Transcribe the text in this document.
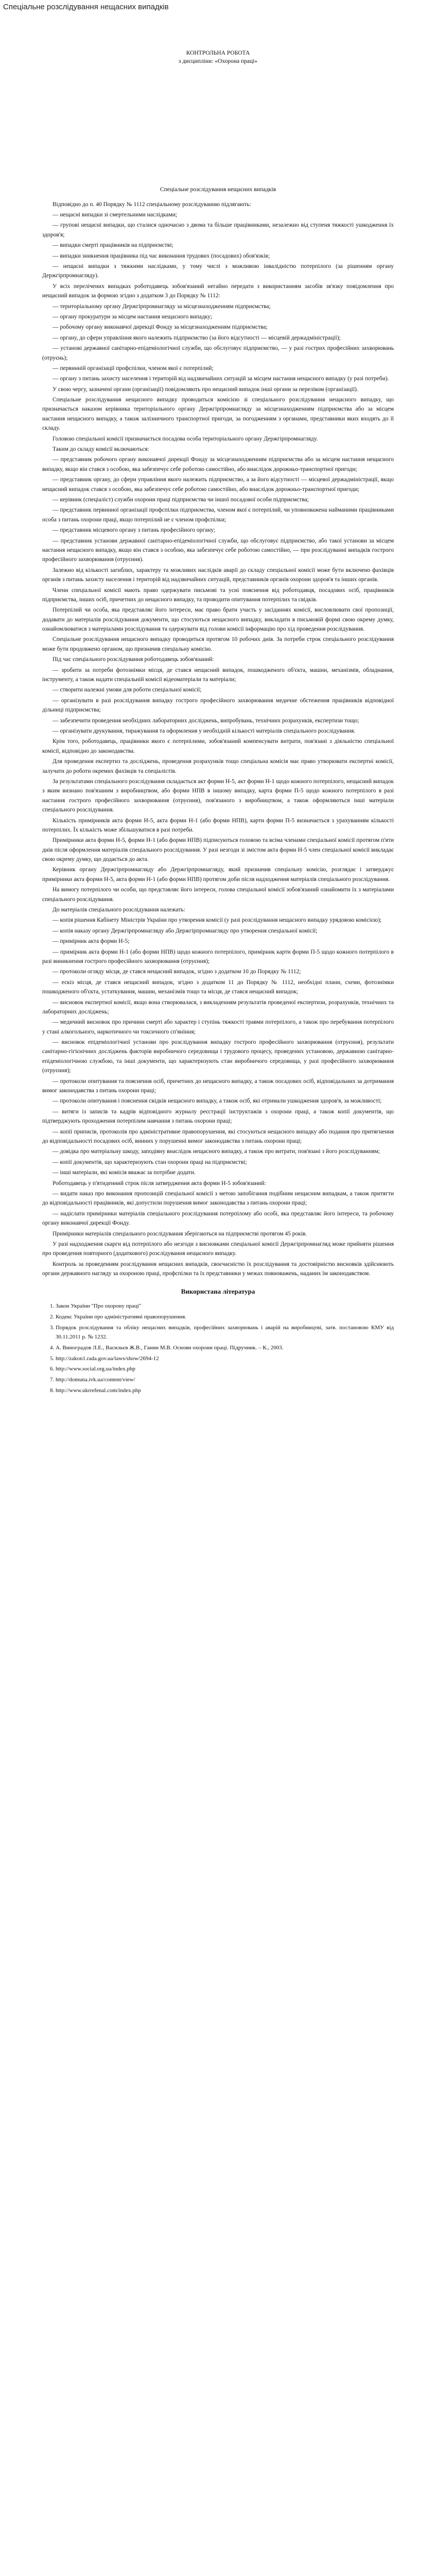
Спеціальне розслідування нещасних випадків
КОНТРОЛЬНА РОБОТА
з дисципліни: «Охорона праці»
Спеціальне розслідування нещасних випадків

Відповідно до п. 40 Порядку № 1112 спеціальному розслідуванню підлягають:

— нещасні випадки зі смертельними наслідками;

— групові нещасні випадки, що сталися одночасно з двома та більше працівниками, незалежно від ступеня тяжкості ушкодження їх здоров'я;

— випадки смерті працівників на підприємстві;

— випадки зникнення працівника під час виконання трудових (посадових) обов'язків;

— нещасні випадки з тяжкими наслідками, у тому числі з можливою інвалідністю потерпілого (за рішенням органу Держгірпромнагляду).

У всіх перелічених випадках роботодавець зобов'язаний негайно передати з використанням засобів зв'язку повідомлення про нещасний випадок за формою згідно з додатком 3 до Порядку № 1112:

— територіальному органу Держгірпромнагляду за місцезнаходженням підприємства;

— органу прокуратури за місцем настання нещасного випадку;

— робочому органу виконавчої дирекції Фонду за місцезнаходженням підприємства;

— органу, до сфери управління якого належить підприємство (за його відсутності — місцевій держадміністрації);

— установі державної санітарно-епідеміологічної служби, що обслуговує підприємство, — у разі гострих професійних захворювань (отруєнь);

— первинній організації профспілки, членом якої є потерпілий;

— органу з питань захисту населення і територій від надзвичайних ситуацій за місцем настання нещасного випадку (у разі потреби).

У свою чергу, зазначені органи (організації) повідомляють про нещасний випадок інші органи за переліком (організації).

Спеціальне розслідування нещасного випадку проводиться комісією зі спеціального розслідування нещасного випадку, що призначається наказом керівника територіального органу Держгірпромнагляду за місцезнаходженням підприємства або за місцем настання нещасного випадку, а також залізничного транспортної пригоди, за погодженням з органами, представники яких входять до її складу.

Головою спеціальної комісії призначається посадова особа територіального органу Держгірпромнагляду.

Таким до складу комісії включаються:

— представник робочого органу виконавчої дирекції Фонду за місцезнаходженням підприємства або за місцем настання нещасного випадку, якщо він стався з особою, яка забезпечує себе роботою самостійно, або внаслідок дорожньо-транспортної пригоди;

— представник органу, до сфери управління якого належить підприємство, а за його відсутності — місцевої держадміністрації, якщо нещасний випадок стався з особою, яка забезпечує себе роботою самостійно, або внаслідок дорожньо-транспортної пригоди;

— керівник (спеціаліст) служби охорони праці підприємства чи іншої посадової особи підприємства;

— представник первинної організації профспілки підприємства, членом якої є потерпілий, чи уповноважена найманими працівниками особа з питань охорони праці, якщо потерпілий не є членом профспілки;

— представник місцевого органу з питань професійного органу;

— представник установи державної санітарно-епідеміологічної служби, що обслуговує підприємство, або такої установи за місцем настання нещасного випадку, якщо він стався з особою, яка забезпечує себе роботою самостійно, — при розслідуванні випадків гострого професійного захворювання (отруєння).

Залежно від кількості загиблих, характеру та можливих наслідків аварії до складу спеціальної комісії може бути включено фахівців органів з питань захисту населення і територій від надзвичайних ситуацій, представників органів охорони здоров'я та інших органів.

Члени спеціальної комісії мають право одержувати письмові та усні пояснення від роботодавця, посадових осіб, працівників підприємства, інших осіб, причетних до нещасного випадку, та проводити опитування потерпілих та свідків.

Потерпілий чи особа, яка представляє його інтереси, має право брати участь у засіданнях комісії, висловлювати свої пропозиції, додавати до матеріалів розслідування документи, що стосуються нещасного випадку, викладати в письмовій формі свою окрему думку, ознайомлюватися з матеріалами розслідування та одержувати від голови комісії інформацію про хід проведення розслідування.

Спеціальне розслідування нещасного випадку проводиться протягом 10 робочих днів. За потреби строк спеціального розслідування може бути продовжено органом, що призначив спеціальну комісію.

Під час спеціального розслідування роботодавець зобов'язаний:

— зробити за потреби фотознімки місця, де стався нещасний випадок, пошкодженого об'єкта, машин, механізмів, обладнання, інструменту, а також надати спеціальній комісії відеоматеріали та матеріали;

— створити належні умови для роботи спеціальної комісії;

— організувати в разі розслідування випадку гострого професійного захворювання медичне обстеження працівників відповідної дільниці підприємства;

— забезпечити проведення необхідних лабораторних досліджень, випробувань, технічних розрахунків, експертизи тощо;

— організувати друкування, тиражування та оформлення у необхідній кількості матеріалів спеціального розслідування.

Крім того, роботодавець, працівники якого є потерпілими, зобов'язаний компенсувати витрати, пов'язані з діяльністю спеціальної комісії, відповідно до законодавства.

Для проведення експертиз та досліджень, проведення розрахунків тощо спеціальна комісія має право утворювати експертні комісії, залучати до роботи окремих фахівців та спеціалістів.

За результатами спеціального розслідування складається акт форми Н-5, акт форми Н-1 щодо кожного потерпілого, нещасний випадок з яким визнано пов'язаним з виробництвом, або форми НПВ в іншому випадку, карта форми П-5 щодо кожного потерпілого в разі настання гострого професійного захворювання (отруєння), пов'язаного з виробництвом, а також оформляються інші матеріали спеціального розслідування.

Кількість примірників акта форми Н-5, акта форми Н-1 (або форми НПВ), карти форми П-5 визначається з урахуванням кількості потерпілих. Їх кількість може збільшуватися в разі потреби.

Примірники акта форми Н-5, форми Н-1 (або форми НПВ) підписуються головою та всіма членами спеціальної комісії протягом п'яти днів після оформлення матеріалів спеціального розслідування. У разі незгоди зі змістом акта форми Н-5 член спеціальної комісії викладає свою окрему думку, що додається до акта.

Керівник органу Держгірпромнагляду або Держгірпромнагляду, який призначив спеціальну комісію, розглядає і затверджує примірники акта форми Н-5, акта форми Н-1 (або форми НПВ) протягом доби після надходження матеріалів спеціального розслідування.

На вимогу потерпілого чи особи, що представляє його інтереси, голова спеціальної комісії зобов'язаний ознайомити їх з матеріалами спеціального розслідування.

До матеріалів спеціального розслідування належать:

— копія рішення Кабінету Міністрів України про утворення комісії (у разі розслідування нещасного випадку урядовою комісією);

— копія наказу органу Держгірпромнагляду або Держгірпромнагляду про утворення спеціальної комісії;

— примірник акта форми Н-5;

— примірник акта форми Н-1 (або форми НПВ) щодо кожного потерпілого, примірник карти форми П-5 щодо кожного потерпілого в разі виникнення гострого професійного захворювання (отруєння);

— протоколи огляду місця, де стався нещасний випадок, згідно з додатком 10 до Порядку № 1112;

— ескіз місця, де стався нещасний випадок, згідно з додатком 11 до Порядку № 1112, необхідні плани, схеми, фотознімки пошкодженого об'єкта, устаткування, машин, механізмів тощо та місця, де стався нещасний випадок;

— висновок експертної комісії, якщо вона створювалася, з викладенням результатів проведеної експертизи, розрахунків, технічних та лабораторних досліджень;

— медичний висновок про причини смерті або характер і ступінь тяжкості травми потерпілого, а також про перебування потерпілого у стані алкогольного, наркотичного чи токсичного сп'яніння;

— висновок епідеміологічної установи про розслідування випадку гострого професійного захворювання (отруєння), результати санітарно-гігієнічних досліджень факторів виробничого середовища і трудового процесу, проведених установою, державною санітарно-епідеміологічною службою, та інші документи, що характеризують стан виробничого середовища, у разі професійного захворювання (отруєння);

— протоколи опитування та пояснення осіб, причетних до нещасного випадку, а також посадових осіб, відповідальних за дотримання вимог законодавства з питань охорони праці;

— протоколи опитування і пояснення свідків нещасного випадку, а також осіб, які отримали ушкодження здоров'я, за можливості;

— витяги із записів та кадрів відповідного журналу реєстрації інструктажів з охорони праці, а також копії документів, що підтверджують проходження потерпілим навчання з питань охорони праці;

— копії приписів, протоколів про адміністративне правопорушення, які стосуються нещасного випадку або подання про притягнення до відповідальності посадових осіб, винних у порушенні вимог законодавства з питань охорони праці;

— довідка про матеріальну шкоду, заподіяну внаслідок нещасного випадку, а також про витрати, пов'язані з його розслідуванням;

— копії документів, що характеризують стан охорони праці на підприємстві;

— інші матеріали, які комісія вважає за потрібне додати.

Роботодавець у п'ятиденний строк після затвердження акта форми Н-5 зобов'язаний:

— видати наказ про виконання пропозицій спеціальної комісії з метою запобігання подібним нещасним випадкам, а також притягти до відповідальності працівників, які допустили порушення вимог законодавства з питань охорони праці;

— надіслати примірники матеріалів спеціального розслідування потерпілому або особі, яка представляє його інтереси, та робочому органу виконавчої дирекції Фонду.

Примірники матеріалів спеціального розслідування зберігаються на підприємстві протягом 45 років.

У разі надходження скарги від потерпілого або незгоди з висновками спеціальної комісії Держгірпромнагляд може прийняти рішення про проведення повторного (додаткового) розслідування нещасного випадку.

Контроль за проведенням розслідування нещасних випадків, своєчасністю їх розслідування та достовірністю висновків здійснюють органи державного нагляду за охороною праці, профспілки та їх представники у межах повноважень, наданих їм законодавством.

Використана література
1. Закон України "Про охорону праці"
2. Кодекс України про адміністративні правопорушення.
3. Порядок розслідування та обліку нещасних випадків, професійних захворювань і аварій на виробництві, затв. постановою КМУ від 30.11.2011 р. № 1232.
4. А. Виноградов Л.Е., Васильєв Ж.В., Ганин М.В. Основи охорони праці. Підручник. – К., 2003.
5. http://zakon1.rada.gov.ua/laws/show/2694-12
6. http://www.social.org.ua/index.php
7. http://domuna.ivk.ua/content/view/
8. http://www.ukrrefenal.com/index.php
